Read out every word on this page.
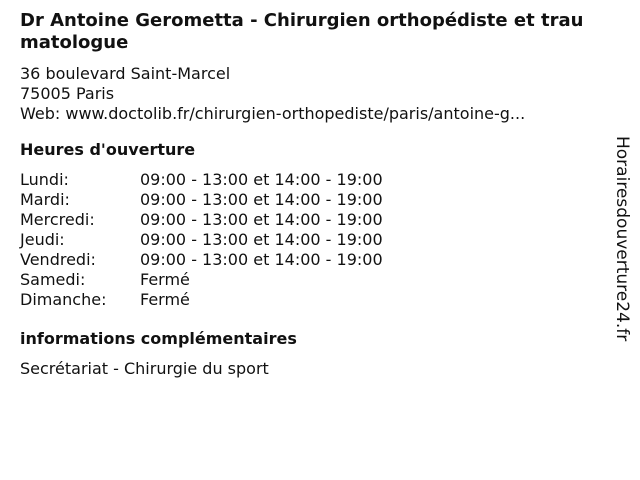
Dr Antoine Gerometta - Chirurgien orthopédiste et traumatologue
36 boulevard Saint-Marcel
75005 Paris
Web: www.doctolib.fr/chirurgien-orthopediste/paris/antoine-g...
Heures d'ouverture
Lundi:	09:00 - 13:00 et 14:00 - 19:00
Mardi:	09:00 - 13:00 et 14:00 - 19:00
Mercredi:	09:00 - 13:00 et 14:00 - 19:00
Jeudi:	09:00 - 13:00 et 14:00 - 19:00
Vendredi:	09:00 - 13:00 et 14:00 - 19:00
Samedi:	Fermé
Dimanche:	Fermé
informations complémentaires
Secrétariat - Chirurgie du sport
Horairesdouverture24.fr
